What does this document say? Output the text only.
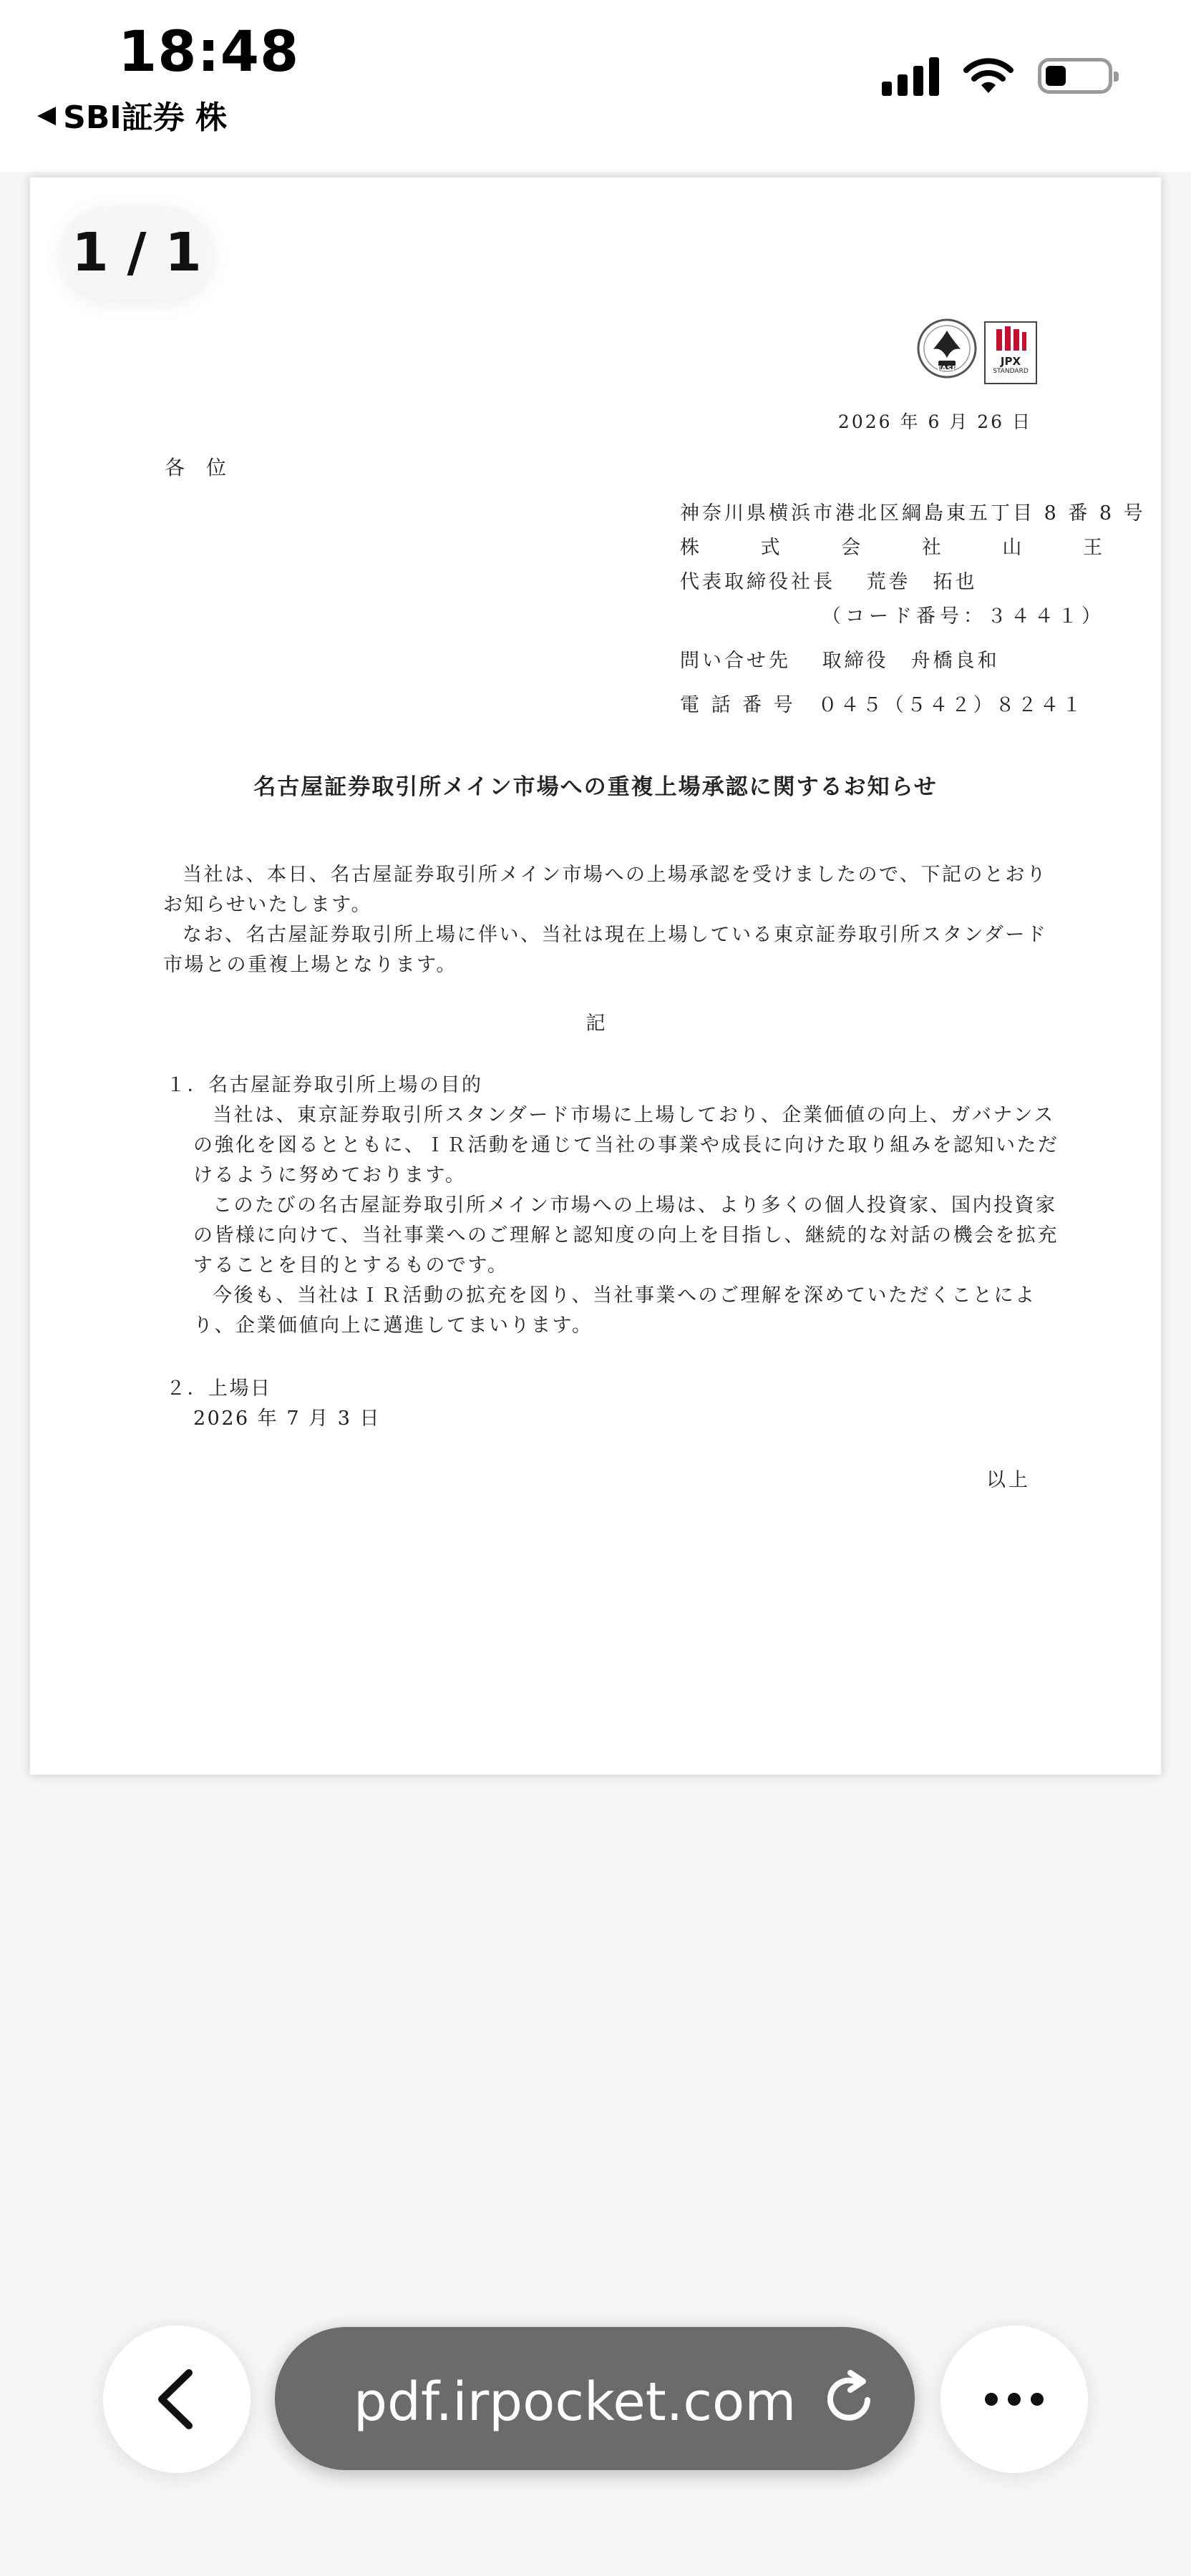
18:48
◀ SBI証券 株
1 / 1
JPX
STANDARD
FASF

2026 年 6 月 26 日

各位

神奈川県横浜市港北区綱島東五丁目 8 番 8 号
株	式	会	社	山	王
代表取締役社長　 荒巻　拓也
（コード番号：３４４１）
問い合せ先　 取締役　舟橋良和
電 話 番 号　０４５（５４２）８２４１

名古屋証券取引所メイン市場への重複上場承認に関するお知らせ

当社は、本日、名古屋証券取引所メイン市場への上場承認を受けましたので、下記のとおりお知らせいたします。

なお、名古屋証券取引所上場に伴い、当社は現在上場している東京証券取引所スタンダード市場との重複上場となります。

記

１．名古屋証券取引所上場の目的

当社は、東京証券取引所スタンダード市場に上場しており、企業価値の向上、ガバナンスの強化を図るとともに、ＩＲ活動を通じて当社の事業や成長に向けた取り組みを認知いただけるように努めております。

このたびの名古屋証券取引所メイン市場への上場は、より多くの個人投資家、国内投資家の皆様に向けて、当社事業へのご理解と認知度の向上を目指し、継続的な対話の機会を拡充することを目的とするものです。

今後も、当社はＩＲ活動の拡充を図り、当社事業へのご理解を深めていただくことにより、企業価値向上に邁進してまいります。

２．上場日

2026 年 7 月 3 日

以上

pdf.irpocket.com
